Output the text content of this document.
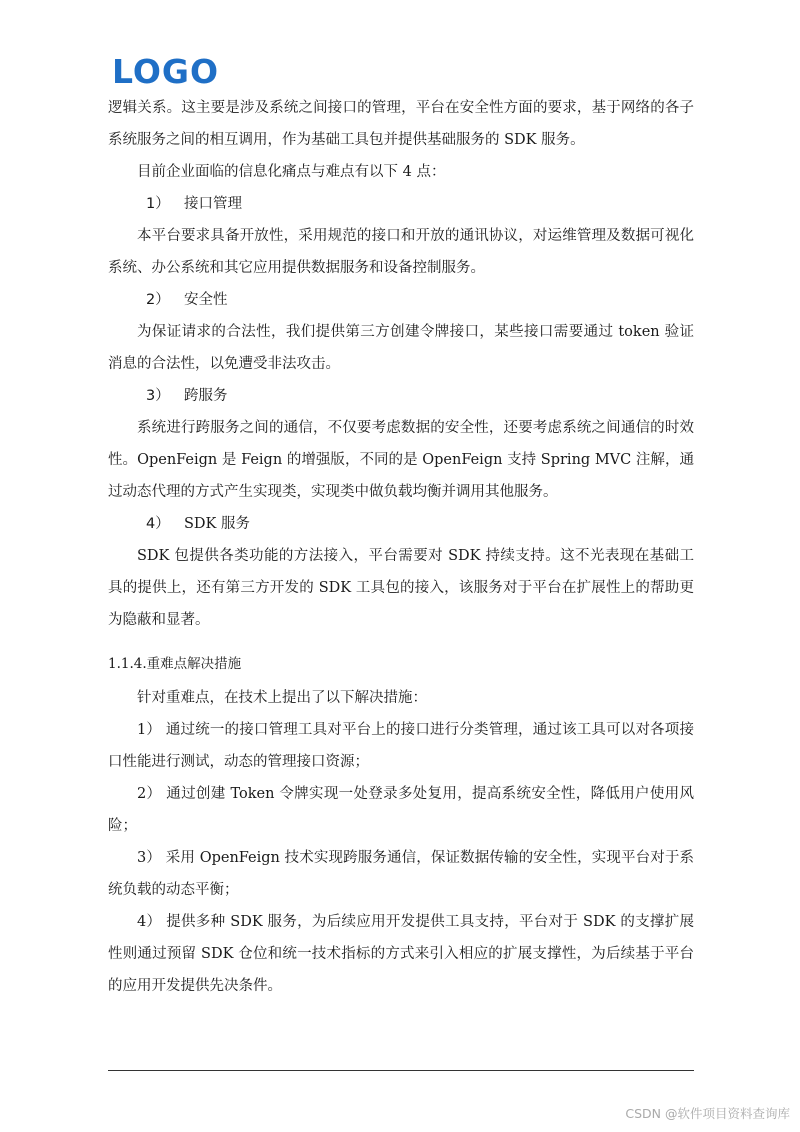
LOGO

逻辑关系。这主要是涉及系统之间接口的管理，平台在安全性方面的要求，基于网络的各子系统服务之间的相互调用，作为基础工具包并提供基础服务的 SDK 服务。

目前企业面临的信息化痛点与难点有以下 4 点：

1） 接口管理

本平台要求具备开放性，采用规范的接口和开放的通讯协议，对运维管理及数据可视化系统、办公系统和其它应用提供数据服务和设备控制服务。

2） 安全性

为保证请求的合法性，我们提供第三方创建令牌接口，某些接口需要通过 token 验证消息的合法性，以免遭受非法攻击。

3） 跨服务

系统进行跨服务之间的通信，不仅要考虑数据的安全性，还要考虑系统之间通信的时效性。OpenFeign 是 Feign 的增强版，不同的是 OpenFeign 支持 Spring MVC 注解，通过动态代理的方式产生实现类，实现类中做负载均衡并调用其他服务。

4） SDK 服务

SDK 包提供各类功能的方法接入，平台需要对 SDK 持续支持。这不光表现在基础工具的提供上，还有第三方开发的 SDK 工具包的接入，该服务对于平台在扩展性上的帮助更为隐蔽和显著。

1.1.4.重难点解决措施

针对重难点，在技术上提出了以下解决措施：

1） 通过统一的接口管理工具对平台上的接口进行分类管理，通过该工具可以对各项接口性能进行测试，动态的管理接口资源；

2） 通过创建 Token 令牌实现一处登录多处复用，提高系统安全性，降低用户使用风险；

3） 采用 OpenFeign 技术实现跨服务通信，保证数据传输的安全性，实现平台对于系统负载的动态平衡；

4） 提供多种 SDK 服务，为后续应用开发提供工具支持，平台对于 SDK 的支撑扩展性则通过预留 SDK 仓位和统一技术指标的方式来引入相应的扩展支撑性，为后续基于平台的应用开发提供先决条件。

CSDN @软件项目资料查询库
